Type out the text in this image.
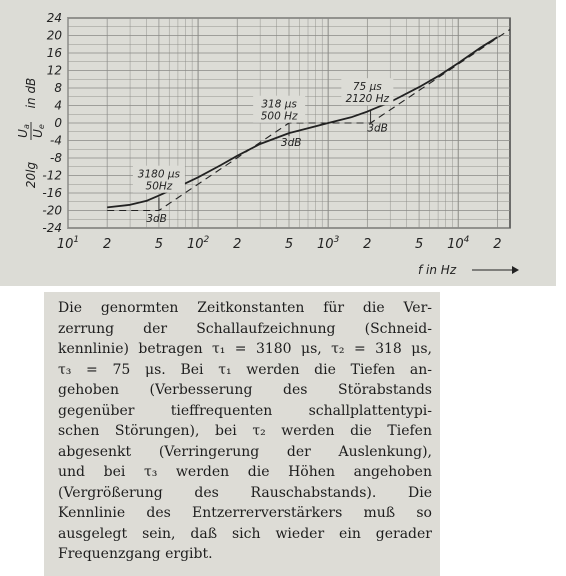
24
20
16
12
8
4
0
-4
-8
-12
-16
-20
-24
$10^1$ 2	5 $10^2$ 2	5 $10^3$ 2	5 $10^4$ 2
f in Hz
20lg
Ua
Ue
in dB
3180 μs
50Hz
318 μs
500 Hz
75 μs
2120 Hz
3dB
3dB
3dB

Die genormten Zeitkonstanten für die Ver-
zerrung der Schallaufzeichnung (Schneid-
kennlinie) betragen τ₁ = 3180 μs, τ₂ = 318 μs,
τ₃ = 75 μs. Bei τ₁ werden die Tiefen an-
gehoben (Verbesserung des Störabstands
gegenüber tieffrequenten schallplattentypi-
schen Störungen), bei τ₂ werden die Tiefen
abgesenkt (Verringerung der Auslenkung),
und bei τ₃ werden die Höhen angehoben
(Vergrößerung des Rauschabstands). Die
Kennlinie des Entzerrerverstärkers muß so
ausgelegt sein, daß sich wieder ein gerader
Frequenzgang ergibt.
